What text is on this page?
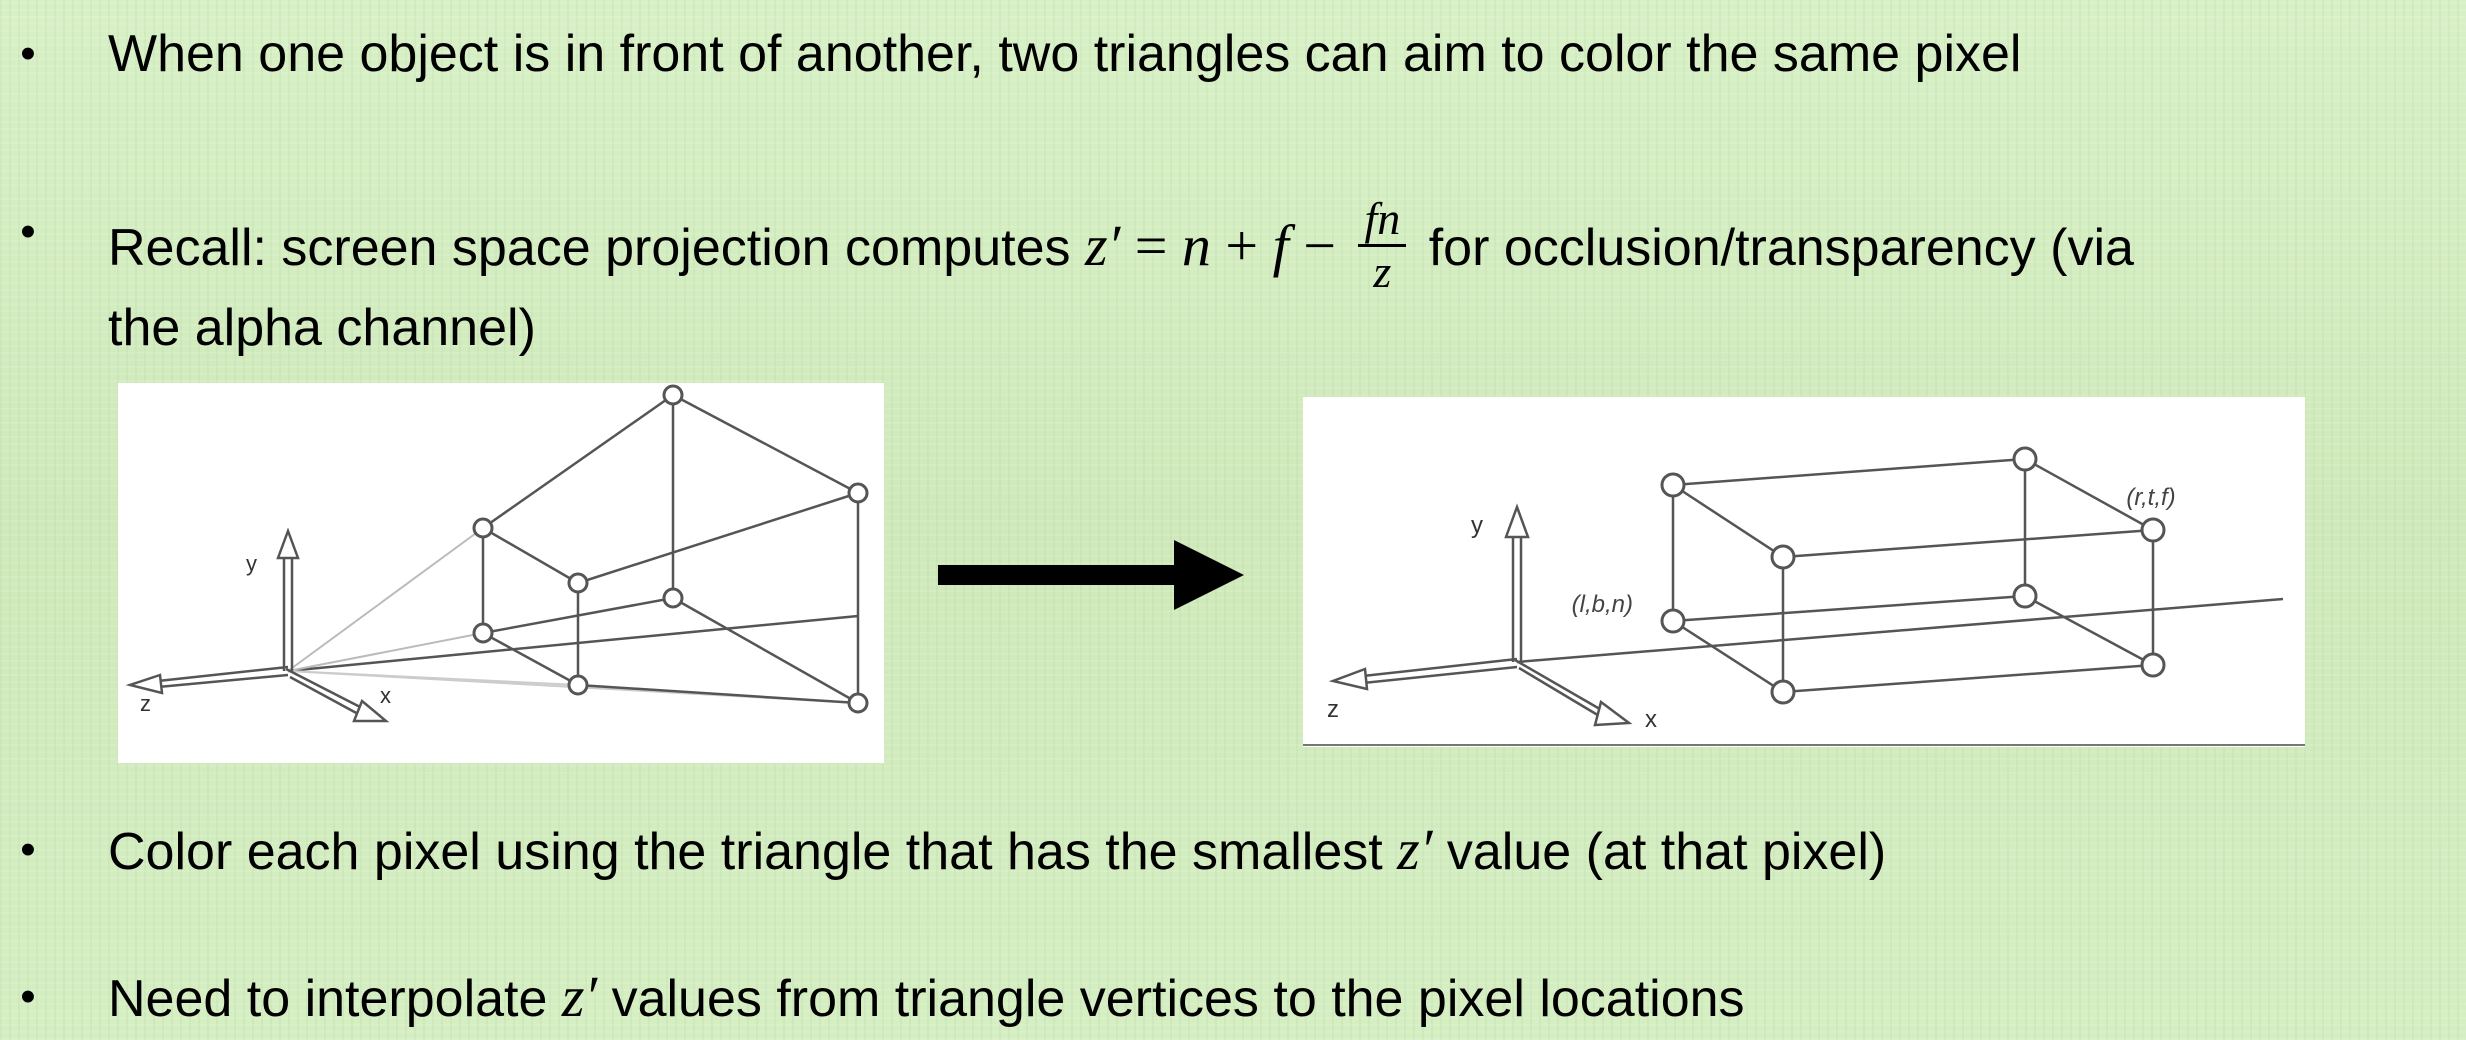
• When one object is in front of another, two triangles can aim to color the same pixel
• Recall: screen space projection computes $z' = n + f - \frac{fn}{z}$ for occlusion/transparency (via
the alpha channel)
y
z	x
y
z	x
(l,b,n)
(r,t,f)
• Color each pixel using the triangle that has the smallest z′ value (at that pixel)
• Need to interpolate z′ values from triangle vertices to the pixel locations
